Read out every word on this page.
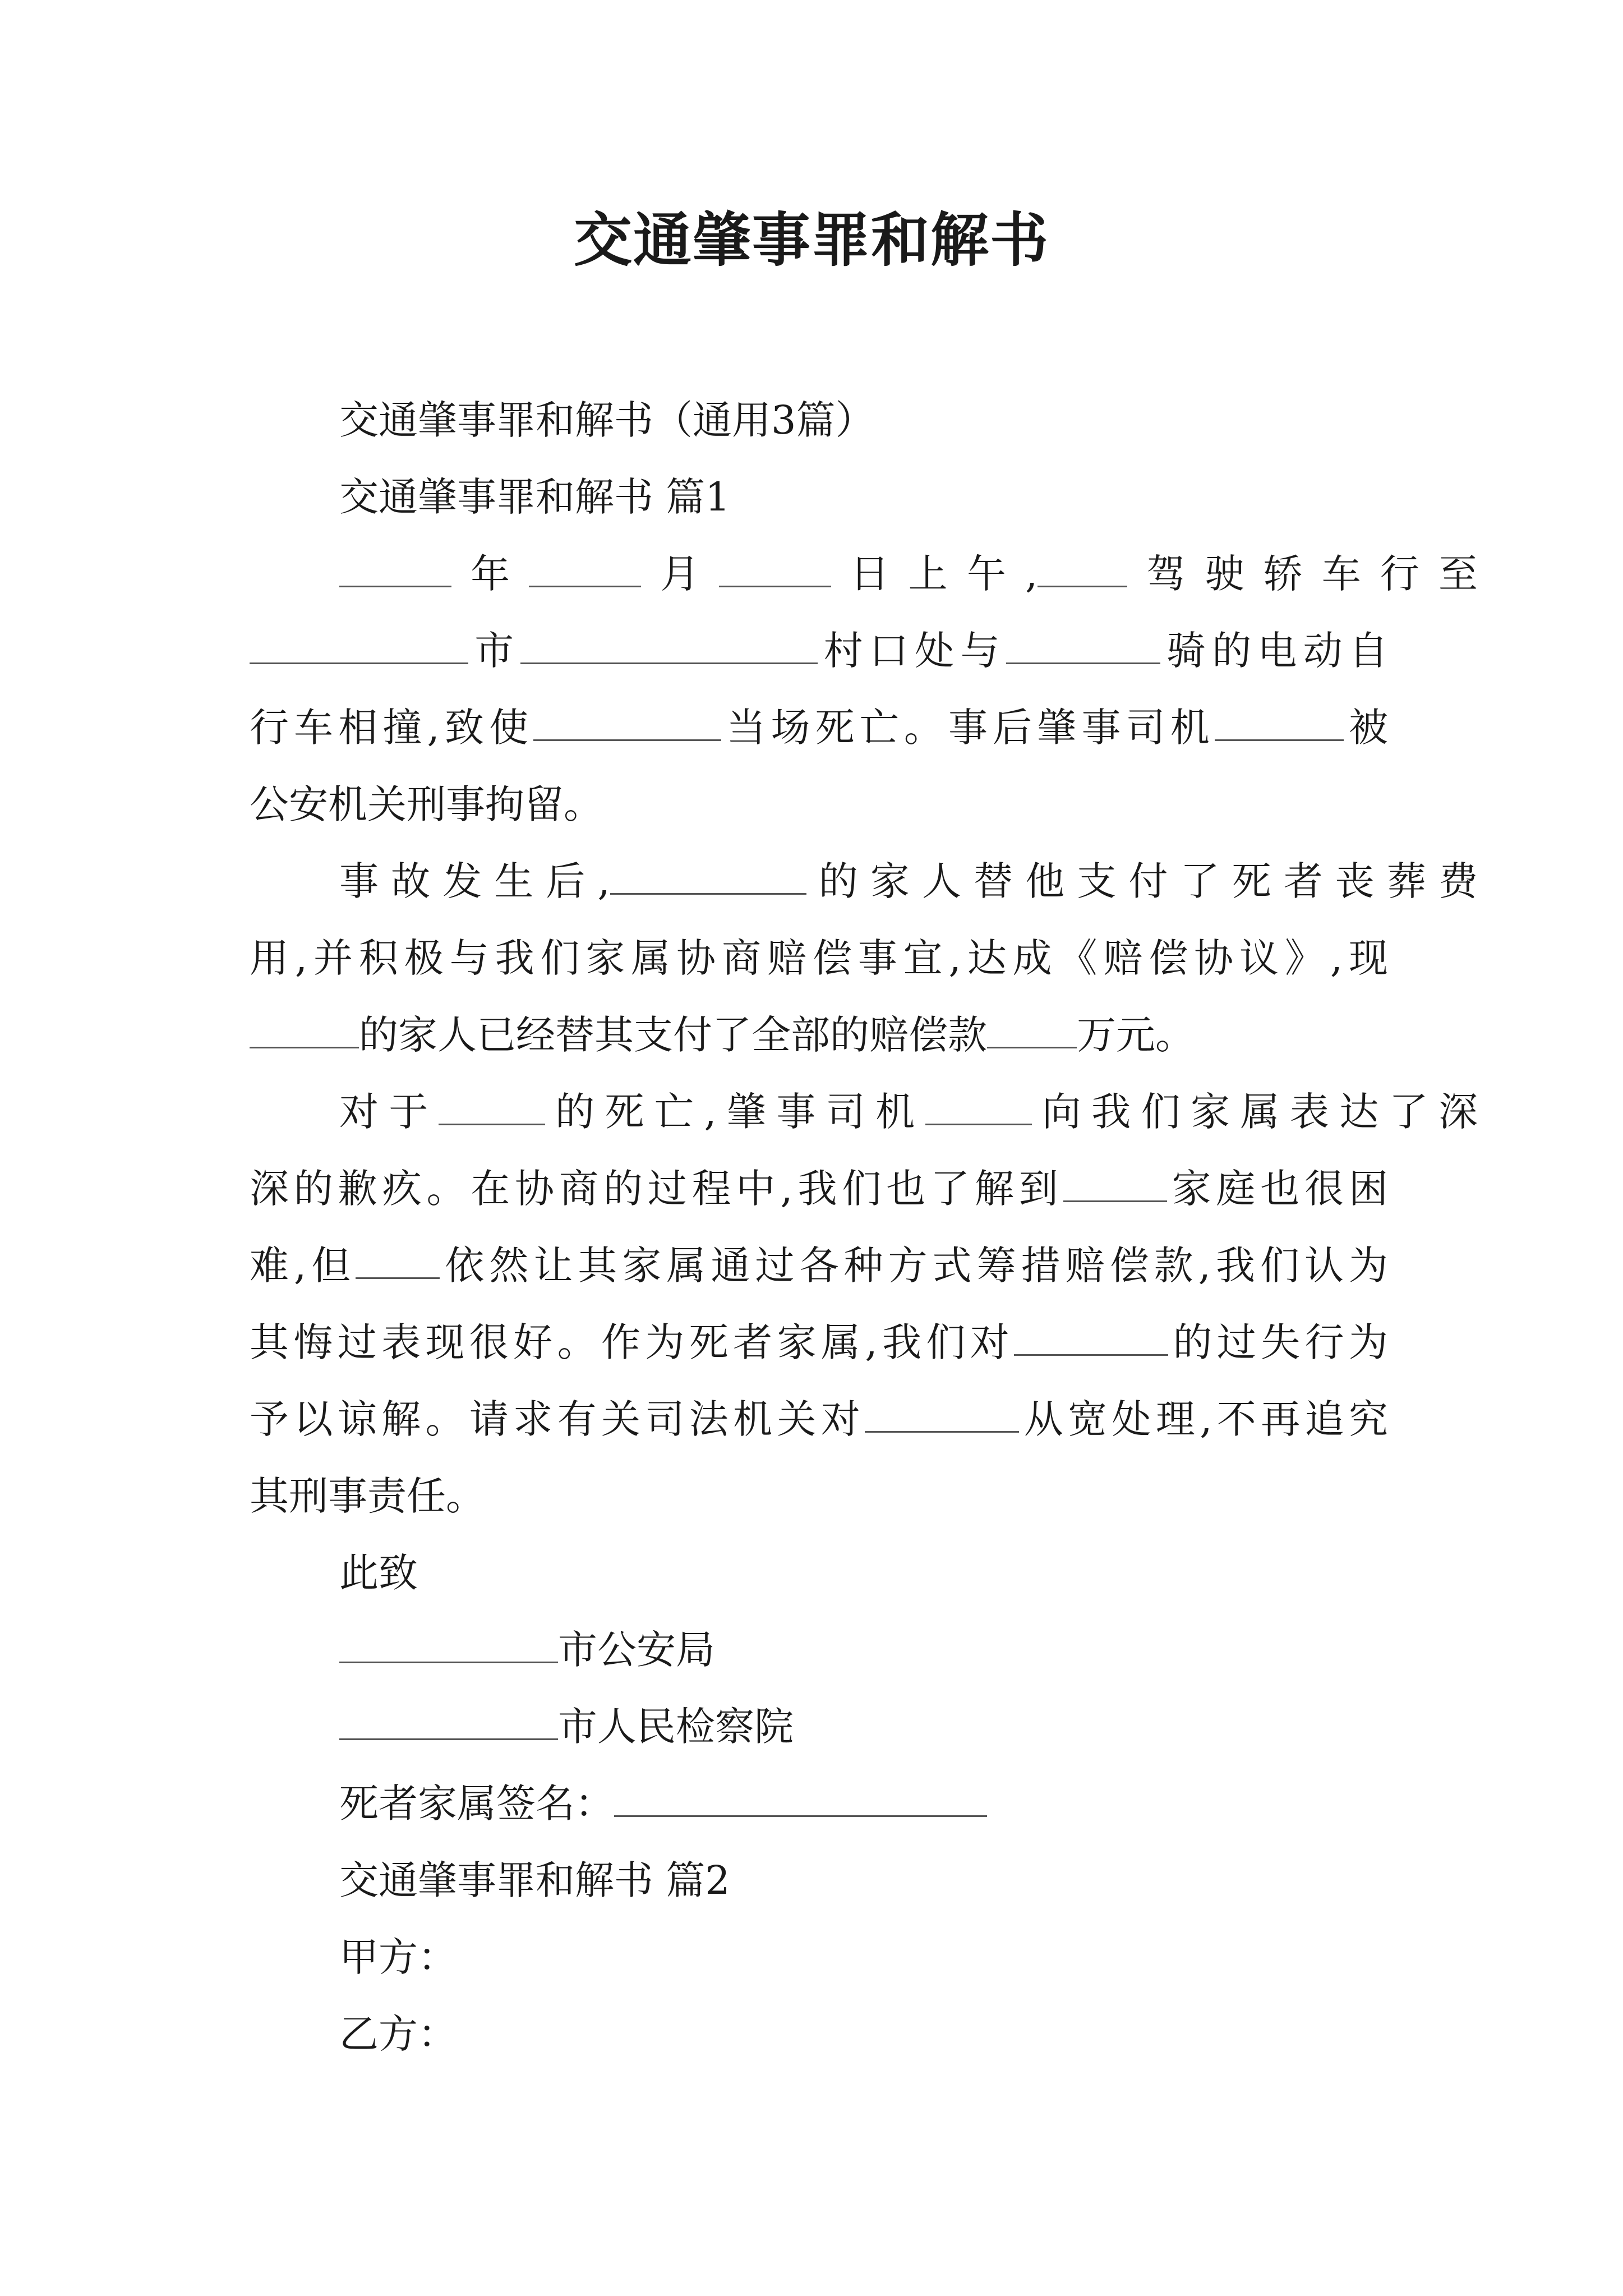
交通肇事罪和解书
交通肇事罪和解书（通用3篇）
交通肇事罪和解书 篇1
年	月	日上午, 驾驶轿车行至
市	村口处与	骑的电动自
行车相撞,致使	当场死亡。事后肇事司机	被
公安机关刑事拘留。
事故发生后,	的家人替他支付了死者丧葬费
用,并积极与我们家属协商赔偿事宜,达成《赔偿协议》,现
的家人已经替其支付了全部的赔偿款 万元。
对于	的死亡,肇事司机	向我们家属表达了深
深的歉疚。在协商的过程中,我们也了解到	家庭也很困
难,但 依然让其家属通过各种方式筹措赔偿款,我们认为
其悔过表现很好。作为死者家属,我们对	的过失行为
予以谅解。请求有关司法机关对	从宽处理,不再追究
其刑事责任。
此致
市公安局
市人民检察院
死者家属签名：
交通肇事罪和解书 篇2
甲方：
乙方：
